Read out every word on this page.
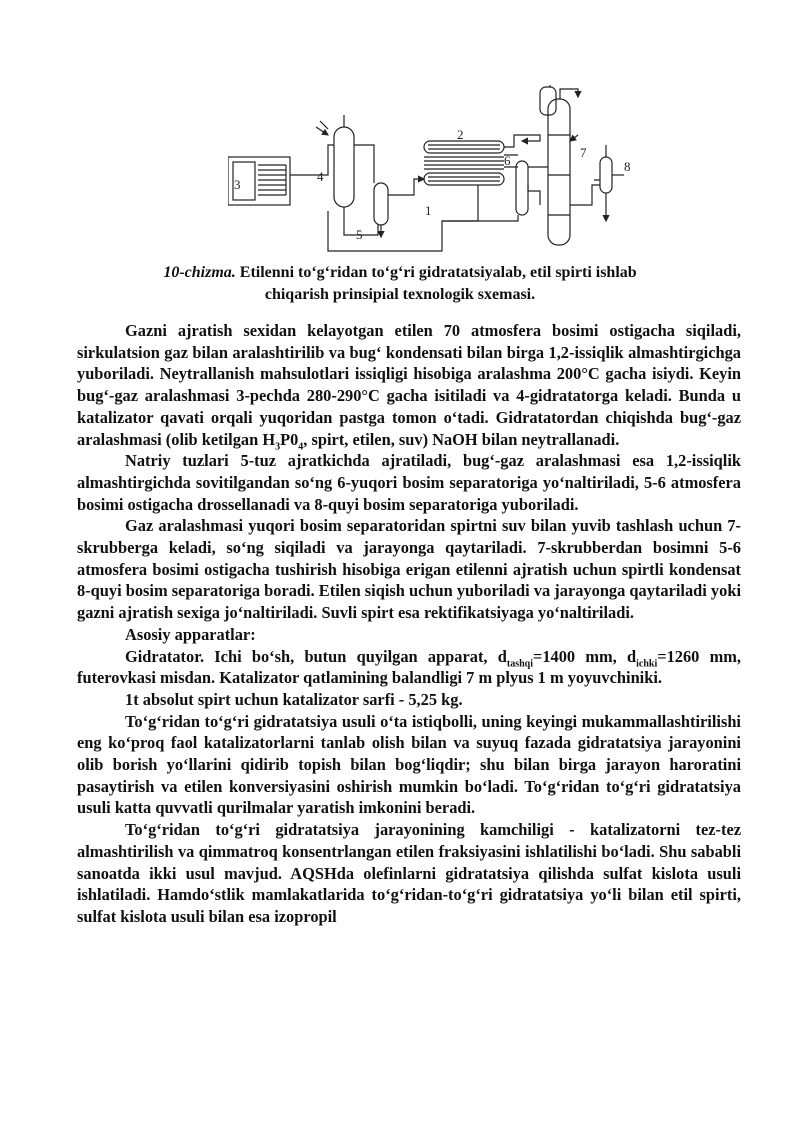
3
4
5
1
2
6
7
8
10-chizma. Etilenni to‘g‘ridan to‘g‘ri gidratatsiyalab, etil spirti ishlab
chiqarish prinsipial texnologik sxemasi.

Gazni ajratish sexidan kelayotgan etilen 70 atmosfera bosimi ostigacha siqiladi, sirkulatsion gaz bilan aralashtirilib va bug‘ kondensati bilan birga 1,2-issiqlik almashtirgichga yuboriladi. Neytrallanish mahsulotlari issiqligi hisobiga aralashma 200°C gacha isiydi. Keyin bug‘-gaz aralashmasi 3-pechda 280-290°C gacha isitiladi va 4-gidratatorga keladi. Bunda u katalizator qavati orqali yuqoridan pastga tomon o‘tadi. Gidratatordan chiqishda bug‘-gaz aralashmasi (olib ketilgan $H_3P0_4$, spirt, etilen, suv) NaOH bilan neytrallanadi.

Natriy tuzlari 5-tuz ajratkichda ajratiladi, bug‘-gaz aralashmasi esa 1,2-issiqlik almashtirgichda sovitilgandan so‘ng 6-yuqori bosim separatoriga yo‘naltiriladi, 5-6 atmosfera bosimi ostigacha drossellanadi va 8-quyi bosim separatoriga yuboriladi.

Gaz aralashmasi yuqori bosim separatoridan spirtni suv bilan yuvib tashlash uchun 7-skrubberga keladi, so‘ng siqiladi va jarayonga qaytariladi. 7-skrubberdan bosimni 5-6 atmosfera bosimi ostigacha tushirish hisobiga erigan etilenni ajratish uchun spirtli kondensat 8-quyi bosim separatoriga boradi. Etilen siqish uchun yuboriladi va jarayonga qaytariladi yoki gazni ajratish sexiga jo‘naltiriladi. Suvli spirt esa rektifikatsiyaga yo‘naltiriladi.

Asosiy apparatlar:

Gidratator. Ichi bo‘sh, butun quyilgan apparat, $d_{tashqi}=1400$ mm, $d_{ichki}=1260$ mm, futerovkasi misdan. Katalizator qatlamining balandligi 7 m plyus 1 m yoyuvchiniki.

1t absolut spirt uchun katalizator sarfi - 5,25 kg.

To‘g‘ridan to‘g‘ri gidratatsiya usuli o‘ta istiqbolli, uning keyingi mukammallashtirilishi eng ko‘proq faol katalizatorlarni tanlab olish bilan va suyuq fazada gidratatsiya jarayonini olib borish yo‘llarini qidirib topish bilan bog‘liqdir; shu bilan birga jarayon haroratini pasaytirish va etilen konversiyasini oshirish mumkin bo‘ladi. To‘g‘ridan to‘g‘ri gidratatsiya usuli katta quvvatli qurilmalar yaratish imkonini beradi.

To‘g‘ridan to‘g‘ri gidratatsiya jarayonining kamchiligi - katalizatorni tez-tez almashtirilish va qimmatroq konsentrlangan etilen fraksiyasini ishlatilishi bo‘ladi. Shu sababli sanoatda ikki usul mavjud. AQSHda olefinlarni gidratatsiya qilishda sulfat kislota usuli ishlatiladi. Hamdo‘stlik mamlakatlarida to‘g‘ridan-to‘g‘ri gidratatsiya yo‘li bilan etil spirti, sulfat kislota usuli bilan esa izopropil
